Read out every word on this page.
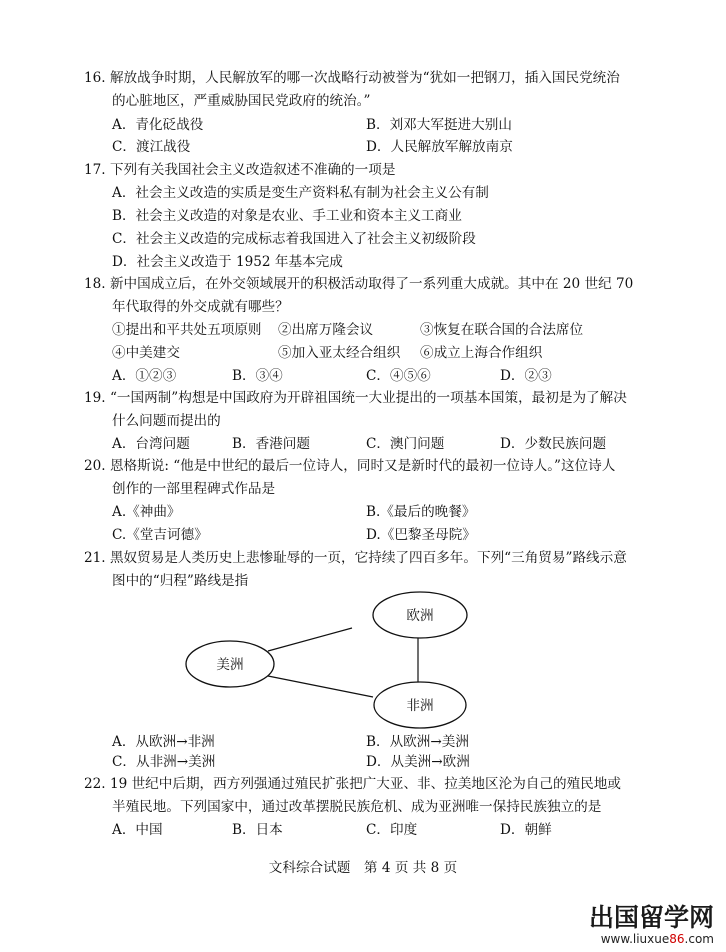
16. 解放战争时期，人民解放军的哪一次战略行动被誉为“犹如一把钢刀，插入国民党统治
的心脏地区，严重威胁国民党政府的统治。”
A．青化砭战役	B．刘邓大军挺进大别山
C．渡江战役	D．人民解放军解放南京
17. 下列有关我国社会主义改造叙述不准确的一项是
A．社会主义改造的实质是变生产资料私有制为社会主义公有制
B．社会主义改造的对象是农业、手工业和资本主义工商业
C．社会主义改造的完成标志着我国进入了社会主义初级阶段
D．社会主义改造于 1952 年基本完成
18. 新中国成立后，在外交领域展开的积极活动取得了一系列重大成就。其中在 20 世纪 70
年代取得的外交成就有哪些？
①提出和平共处五项原则 ②出席万隆会议	③恢复在联合国的合法席位
④中美建交	⑤加入亚太经合组织 ⑥成立上海合作组织
A．①②③	B．③④	C．④⑤⑥	D．②③
19. “一国两制”构想是中国政府为开辟祖国统一大业提出的一项基本国策，最初是为了解决
什么问题而提出的
A．台湾问题	B．香港问题	C．澳门问题	D．少数民族问题
20. 恩格斯说: “他是中世纪的最后一位诗人，同时又是新时代的最初一位诗人。”这位诗人
创作的一部里程碑式作品是
A.《神曲》	B.《最后的晚餐》
C.《堂吉诃德》	D.《巴黎圣母院》
21. 黑奴贸易是人类历史上悲惨耻辱的一页，它持续了四百多年。下列“三角贸易”路线示意
图中的“归程”路线是指
欧洲
美洲
非洲
A．从欧洲→非洲	B．从欧洲→美洲
C．从非洲→美洲	D．从美洲→欧洲
22. 19 世纪中后期，西方列强通过殖民扩张把广大亚、非、拉美地区沦为自己的殖民地或
半殖民地。下列国家中，通过改革摆脱民族危机、成为亚洲唯一保持民族独立的是
A．中国	B．日本	C．印度	D．朝鲜
文科综合试题　第 4 页 共 8 页
出国留学网
www.liuxue86.com
